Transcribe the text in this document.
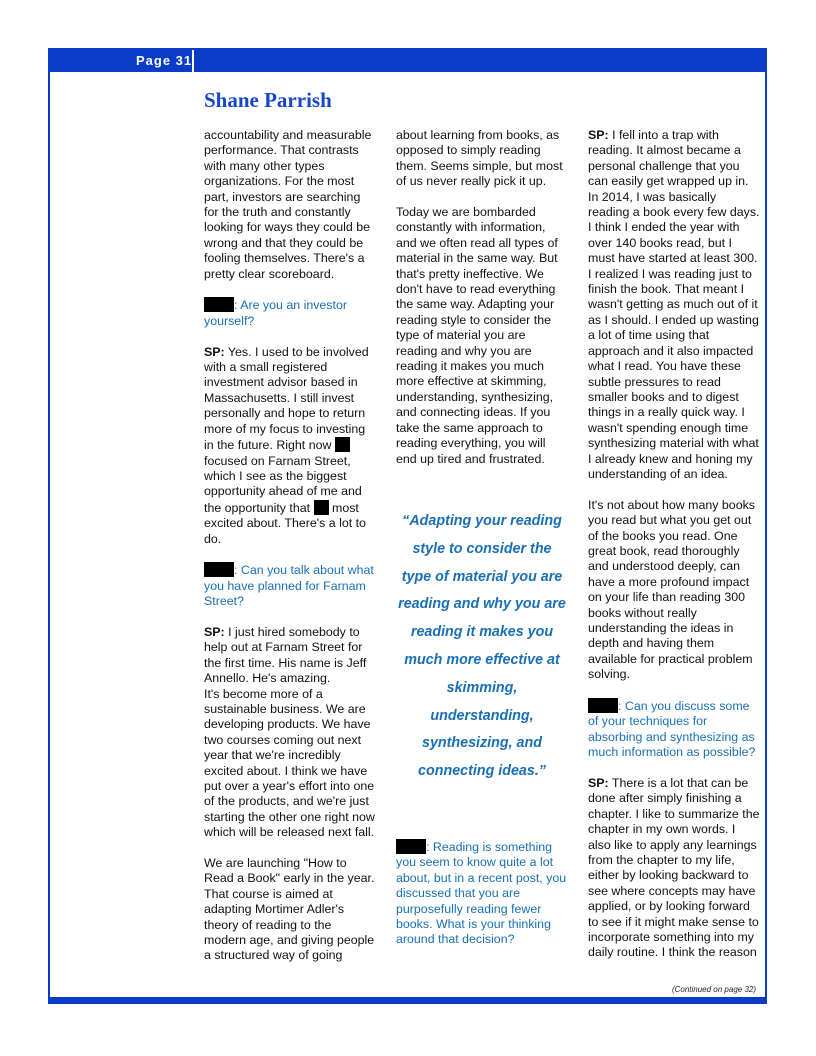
Page 31
Shane Parrish

accountability and measurable performance. That contrasts with many other types organizations. For the most part, investors are searching for the truth and constantly looking for ways they could be wrong and that they could be fooling themselves. There's a pretty clear scoreboard.

: Are you an investor yourself?

SP: Yes. I used to be involved with a small registered investment advisor based in Massachusetts. I still invest personally and hope to return more of my focus to investing in the future. Right now  focused on Farnam Street, which I see as the biggest opportunity ahead of me and the opportunity that most excited about. There's a lot to do.

: Can you talk about what you have planned for Farnam Street?

SP: I just hired somebody to help out at Farnam Street for the first time. His name is Jeff Annello. He's amazing.
It's become more of a sustainable business. We are developing products. We have two courses coming out next year that we're incredibly excited about. I think we have put over a year's effort into one of the products, and we're just starting the other one right now which will be released next fall.

We are launching "How to Read a Book" early in the year. That course is aimed at adapting Mortimer Adler's theory of reading to the modern age, and giving people a structured way of going

about learning from books, as opposed to simply reading them. Seems simple, but most of us never really pick it up.

Today we are bombarded constantly with information, and we often read all types of material in the same way. But that's pretty ineffective. We don't have to read everything the same way. Adapting your reading style to consider the type of material you are reading and why you are reading it makes you much more effective at skimming, understanding, synthesizing, and connecting ideas. If you take the same approach to reading everything, you will end up tired and frustrated.

“Adapting your reading style to consider the type of material you are reading and why you are reading it makes you much more effective at skimming, understanding, synthesizing, and connecting ideas.”
: Reading is something you seem to know quite a lot about, but in a recent post, you discussed that you are purposefully reading fewer books. What is your thinking around that decision?

SP: I fell into a trap with reading. It almost became a personal challenge that you can easily get wrapped up in. In 2014, I was basically reading a book every few days. I think I ended the year with over 140 books read, but I must have started at least 300. I realized I was reading just to finish the book. That meant I wasn't getting as much out of it as I should. I ended up wasting a lot of time using that approach and it also impacted what I read. You have these subtle pressures to read smaller books and to digest things in a really quick way. I wasn't spending enough time synthesizing material with what I already knew and honing my understanding of an idea.

It's not about how many books you read but what you get out of the books you read. One great book, read thoroughly and understood deeply, can have a more profound impact on your life than reading 300 books without really understanding the ideas in depth and having them available for practical problem solving.

: Can you discuss some of your techniques for absorbing and synthesizing as much information as possible?

SP: There is a lot that can be done after simply finishing a chapter. I like to summarize the chapter in my own words. I also like to apply any learnings from the chapter to my life, either by looking backward to see where concepts may have applied, or by looking forward to see if it might make sense to incorporate something into my daily routine. I think the reason

(Continued on page 32)
